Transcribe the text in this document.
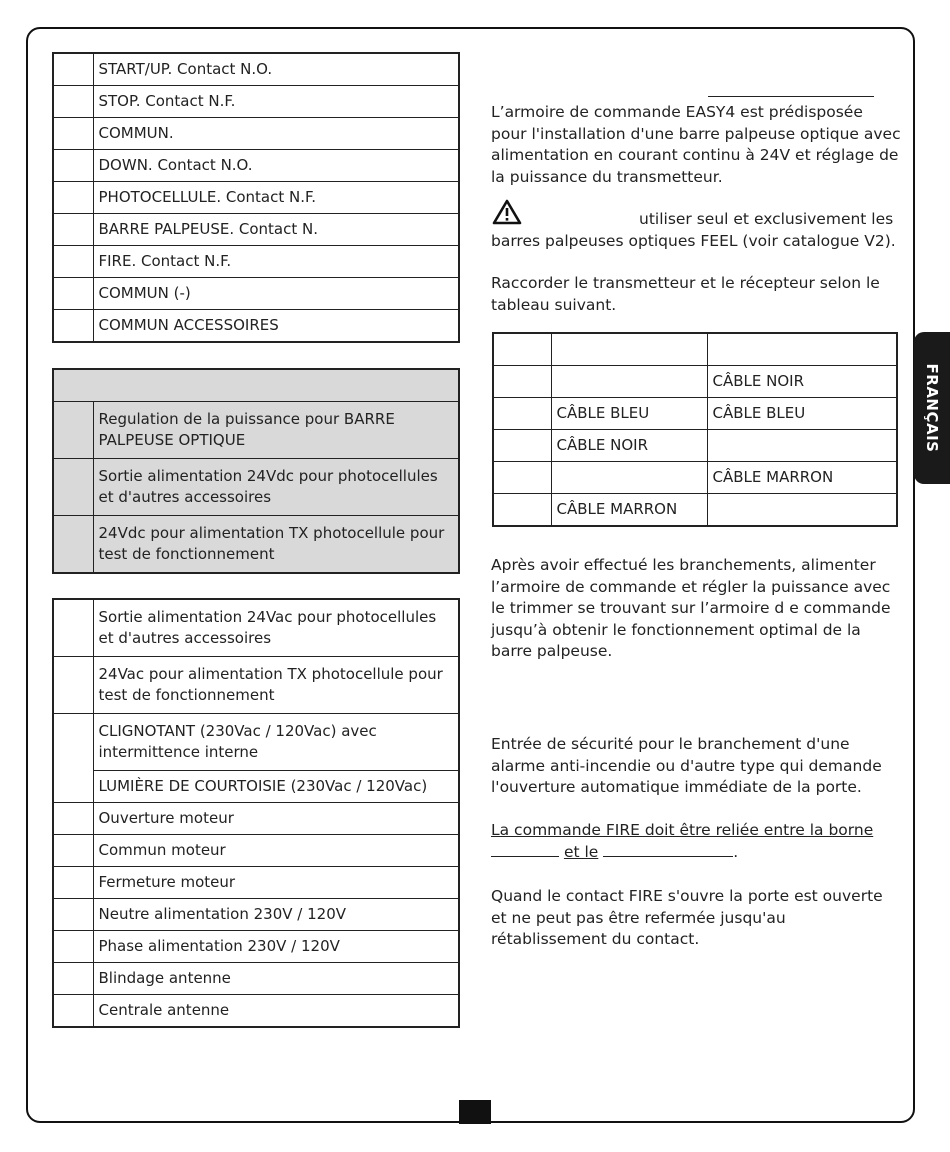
FRANÇAIS
	START/UP. Contact N.O.
	STOP. Contact N.F.
	COMMUN.
	DOWN. Contact N.O.
	PHOTOCELLULE. Contact N.F.
	BARRE PALPEUSE. Contact N.
	FIRE. Contact N.F.
	COMMUN (-)
	COMMUN ACCESSOIRES

	Regulation de la puissance pour BARRE PALPEUSE OPTIQUE
	Sortie alimentation 24Vdc pour photocellules et d'autres accessoires
	24Vdc pour alimentation TX photocellule pour test de fonctionnement
	Sortie alimentation 24Vac pour photocellules et d'autres accessoires
	24Vac pour alimentation TX photocellule pour test de fonctionnement
	CLIGNOTANT (230Vac / 120Vac) avec intermittence interne
	LUMIÈRE DE COURTOISIE (230Vac / 120Vac)
	Ouverture moteur
	Commun moteur
	Fermeture moteur
	Neutre alimentation 230V / 120V
	Phase alimentation 230V / 120V
	Blindage antenne
	Centrale antenne

L’armoire de commande EASY4 est prédisposée pour l'installation d'une barre palpeuse optique avec alimentation en courant continu à 24V et réglage de la puissance du transmetteur.

utiliser seul et exclusivement les barres palpeuses optiques FEEL (voir catalogue V2).

Raccorder le transmetteur et le récepteur selon le tableau suivant.

		CÂBLE NOIR
	CÂBLE BLEU	CÂBLE BLEU
	CÂBLE NOIR	
		CÂBLE MARRON
	CÂBLE MARRON	

Après avoir effectué les branchements, alimenter l’armoire de commande et régler la puissance avec le trimmer se trouvant sur l’armoire d e commande jusqu’à obtenir le fonctionnement optimal de la barre palpeuse.

Entrée de sécurité pour le branchement d'une alarme anti-incendie ou d'autre type qui demande l'ouverture automatique immédiate de la porte.

La commande FIRE doit être reliée entre la borne
et le	.

Quand le contact FIRE s'ouvre la porte est ouverte et ne peut pas être refermée jusqu'au rétablissement du contact.
